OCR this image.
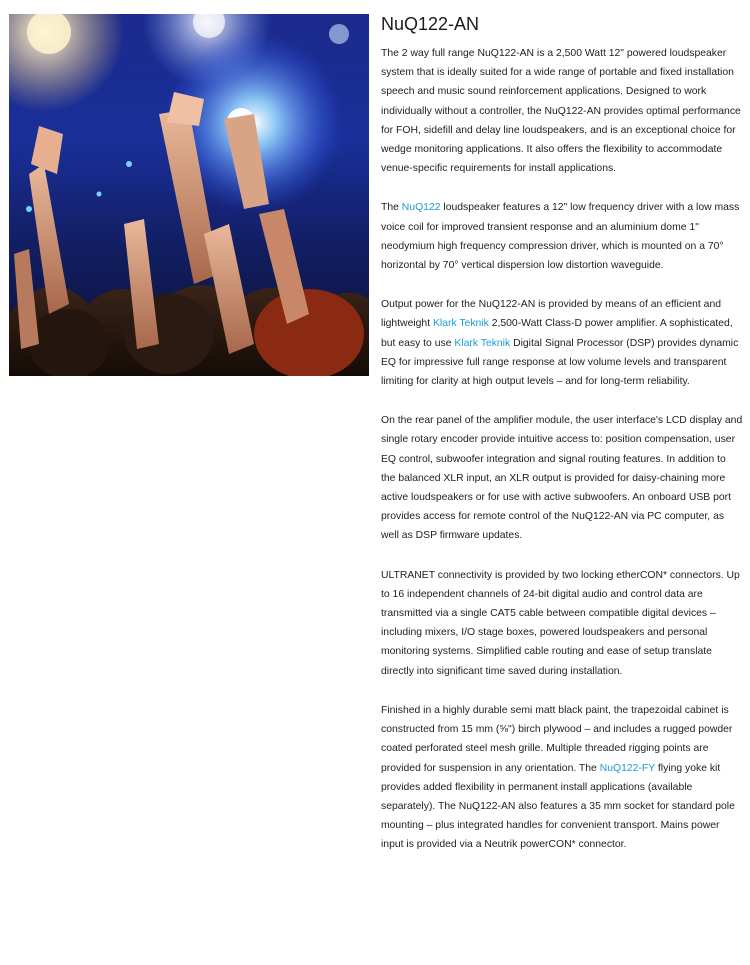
NuQ122-AN

The 2 way full range NuQ122-AN is a 2,500 Watt 12" powered loudspeaker system that is ideally suited for a wide range of portable and fixed installation speech and music sound reinforcement applications. Designed to work individually without a controller, the NuQ122-AN provides optimal performance for FOH, sidefill and delay line loudspeakers, and is an exceptional choice for wedge monitoring applications. It also offers the flexibility to accommodate venue-specific requirements for install applications.

The NuQ122 loudspeaker features a 12" low frequency driver with a low mass voice coil for improved transient response and an aluminium dome 1" neodymium high frequency compression driver, which is mounted on a 70° horizontal by 70° vertical dispersion low distortion waveguide.

Output power for the NuQ122-AN is provided by means of an efficient and lightweight Klark Teknik 2,500-Watt Class-D power amplifier. A sophisticated, but easy to use Klark Teknik Digital Signal Processor (DSP) provides dynamic EQ for impressive full range response at low volume levels and transparent limiting for clarity at high output levels – and for long-term reliability.

On the rear panel of the amplifier module, the user interface's LCD display and single rotary encoder provide intuitive access to: position compensation, user EQ control, subwoofer integration and signal routing features. In addition to the balanced XLR input, an XLR output is provided for daisy-chaining more active loudspeakers or for use with active subwoofers. An onboard USB port provides access for remote control of the NuQ122-AN via PC computer, as well as DSP firmware updates.

ULTRANET connectivity is provided by two locking etherCON* connectors. Up to 16 independent channels of 24-bit digital audio and control data are transmitted via a single CAT5 cable between compatible digital devices – including mixers, I/O stage boxes, powered loudspeakers and personal monitoring systems. Simplified cable routing and ease of setup translate directly into significant time saved during installation.

Finished in a highly durable semi matt black paint, the trapezoidal cabinet is constructed from 15 mm (⅝") birch plywood – and includes a rugged powder coated perforated steel mesh grille. Multiple threaded rigging points are provided for suspension in any orientation. The NuQ122-FY flying yoke kit provides added flexibility in permanent install applications (available separately). The NuQ122-AN also features a 35 mm socket for standard pole mounting – plus integrated handles for convenient transport. Mains power input is provided via a Neutrik powerCON* connector.
